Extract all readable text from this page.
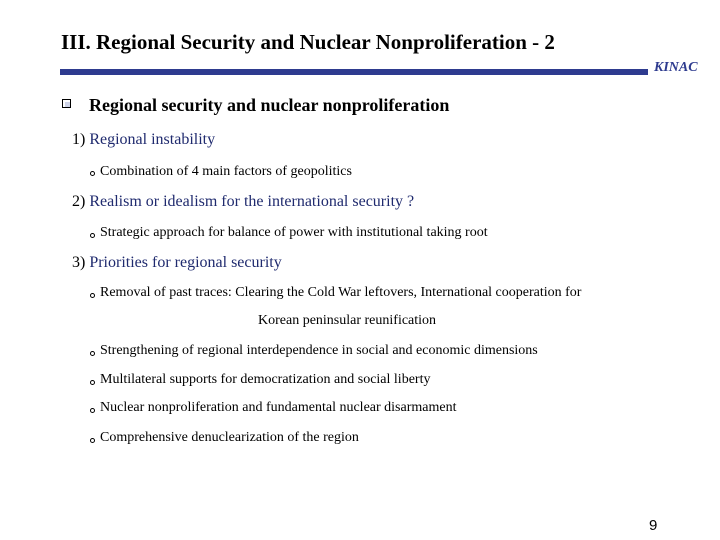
III. Regional Security and Nuclear Nonproliferation - 2
KINAC
Regional security and nuclear nonproliferation
1) Regional instability
Combination of 4 main factors of geopolitics
2) Realism or idealism for the international security ?
Strategic approach for balance of power with institutional taking root
3) Priorities for regional security
Removal of past traces: Clearing the Cold War leftovers, International cooperation for
Korean peninsular reunification
Strengthening of regional interdependence in social and economic dimensions
Multilateral supports for democratization and social liberty
Nuclear nonproliferation and fundamental nuclear disarmament
Comprehensive denuclearization of the region
9
